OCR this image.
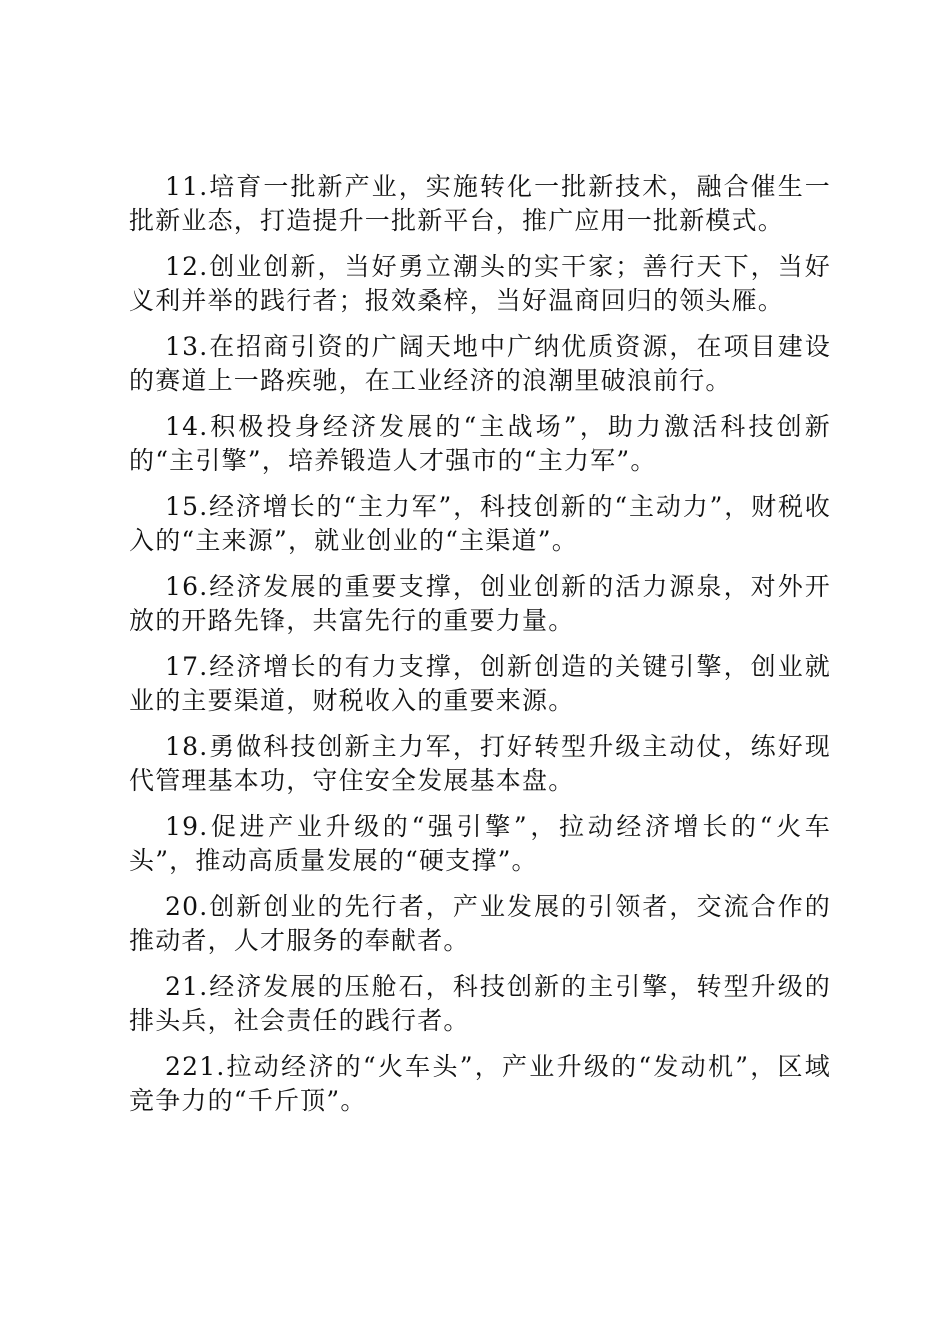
11.培育一批新产业，实施转化一批新技术，融合催生一批新业态，打造提升一批新平台，推广应用一批新模式。

12.创业创新，当好勇立潮头的实干家；善行天下，当好义利并举的践行者；报效桑梓，当好温商回归的领头雁。

13.在招商引资的广阔天地中广纳优质资源，在项目建设的赛道上一路疾驰，在工业经济的浪潮里破浪前行。

14.积极投身经济发展的“主战场”，助力激活科技创新的“主引擎”，培养锻造人才强市的“主力军”。

15.经济增长的“主力军”，科技创新的“主动力”，财税收入的“主来源”，就业创业的“主渠道”。

16.经济发展的重要支撑，创业创新的活力源泉，对外开放的开路先锋，共富先行的重要力量。

17.经济增长的有力支撑，创新创造的关键引擎，创业就业的主要渠道，财税收入的重要来源。

18.勇做科技创新主力军，打好转型升级主动仗，练好现代管理基本功，守住安全发展基本盘。

19.促进产业升级的“强引擎”，拉动经济增长的“火车头”，推动高质量发展的“硬支撑”。

20.创新创业的先行者，产业发展的引领者，交流合作的推动者，人才服务的奉献者。

21.经济发展的压舱石，科技创新的主引擎，转型升级的排头兵，社会责任的践行者。

221.拉动经济的“火车头”，产业升级的“发动机”，区域竞争力的“千斤顶”。
